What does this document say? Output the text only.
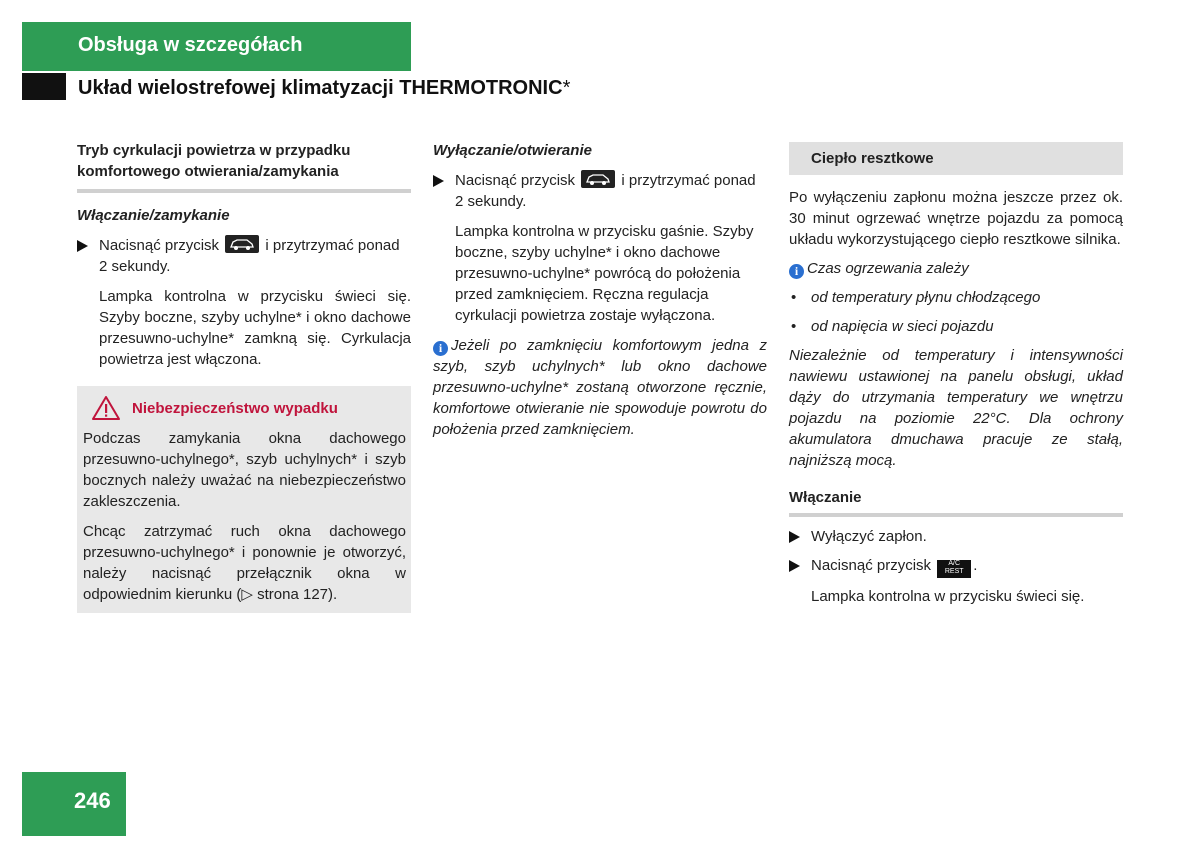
Obsługa w szczegółach
Układ wielostrefowej klimatyzacji THERMOTRONIC*

Tryb cyrkulacji powietrza w przypadku
komfortowego otwierania/zamykania

Włączanie/zamykanie

Nacisnąć przycisk	i przytrzymać ponad 2 sekundy.

Lampka kontrolna w przycisku świeci się. Szyby boczne, szyby uchylne* i okno dachowe przesuwno-uchylne* zamkną się. Cyrkulacja powietrza jest włączona.

Niebezpieczeństwo wypadku

Podczas zamykania okna dachowego przesuwno-uchylnego*, szyb uchylnych* i szyb bocznych należy uważać na niebezpieczeństwo zakleszczenia.

Chcąc zatrzymać ruch okna dachowego przesuwno-uchylnego* i ponownie je otworzyć, należy nacisnąć przełącznik okna w odpowiednim kierunku (▷ strona 127).

Wyłączanie/otwieranie

Nacisnąć przycisk	i przytrzymać ponad 2 sekundy.

Lampka kontrolna w przycisku gaśnie. Szyby boczne, szyby uchylne* i okno dachowe przesuwno-uchylne* powrócą do położenia przed zamknięciem. Ręczna regulacja cyrkulacji powietrza zostaje wyłączona.

i Jeżeli po zamknięciu komfortowym jedna z szyb, szyb uchylnych* lub okno dachowe przesuwno-uchylne* zostaną otworzone ręcznie, komfortowe otwieranie nie spowoduje powrotu do położenia przed zamknięciem.

Ciepło resztkowe

Po wyłączeniu zapłonu można jeszcze przez ok. 30 minut ogrzewać wnętrze pojazdu za pomocą układu wykorzystującego ciepło resztkowe silnika.

i Czas ogrzewania zależy

• od temperatury płynu chłodzącego

• od napięcia w sieci pojazdu

Niezależnie od temperatury i intensywności nawiewu ustawionej na panelu obsługi, układ dąży do utrzymania temperatury we wnętrzu pojazdu na poziomie 22°C. Dla ochrony akumulatora dmuchawa pracuje ze stałą, najniższą mocą.

Włączanie

Wyłączyć zapłon.

Nacisnąć przycisk A/C
REST .

Lampka kontrolna w przycisku świeci się.

246
